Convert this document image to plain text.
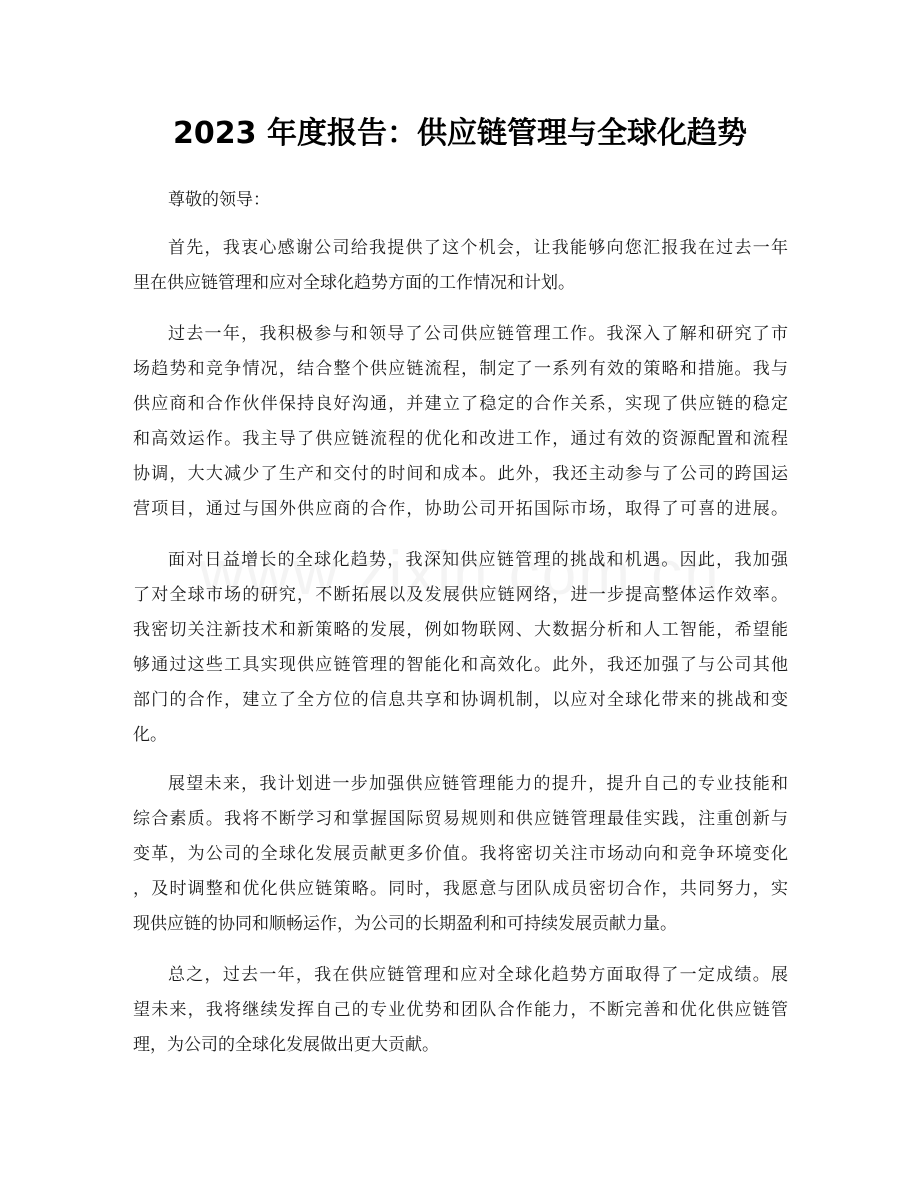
2023 年度报告：供应链管理与全球化趋势

尊敬的领导：

首先，我衷心感谢公司给我提供了这个机会，让我能够向您汇报我在过去一年

里在供应链管理和应对全球化趋势方面的工作情况和计划。

过去一年，我积极参与和领导了公司供应链管理工作。我深入了解和研究了市

场趋势和竞争情况，结合整个供应链流程，制定了一系列有效的策略和措施。我与

供应商和合作伙伴保持良好沟通，并建立了稳定的合作关系，实现了供应链的稳定

和高效运作。我主导了供应链流程的优化和改进工作，通过有效的资源配置和流程

协调，大大减少了生产和交付的时间和成本。此外，我还主动参与了公司的跨国运

营项目，通过与国外供应商的合作，协助公司开拓国际市场，取得了可喜的进展。

面对日益增长的全球化趋势，我深知供应链管理的挑战和机遇。因此，我加强

了对全球市场的研究，不断拓展以及发展供应链网络，进一步提高整体运作效率。

我密切关注新技术和新策略的发展，例如物联网、大数据分析和人工智能，希望能

够通过这些工具实现供应链管理的智能化和高效化。此外，我还加强了与公司其他

部门的合作，建立了全方位的信息共享和协调机制，以应对全球化带来的挑战和变

化。

展望未来，我计划进一步加强供应链管理能力的提升，提升自己的专业技能和

综合素质。我将不断学习和掌握国际贸易规则和供应链管理最佳实践，注重创新与

变革，为公司的全球化发展贡献更多价值。我将密切关注市场动向和竞争环境变化

，及时调整和优化供应链策略。同时，我愿意与团队成员密切合作，共同努力，实

现供应链的协同和顺畅运作，为公司的长期盈利和可持续发展贡献力量。

总之，过去一年，我在供应链管理和应对全球化趋势方面取得了一定成绩。展

望未来，我将继续发挥自己的专业优势和团队合作能力，不断完善和优化供应链管

理，为公司的全球化发展做出更大贡献。
